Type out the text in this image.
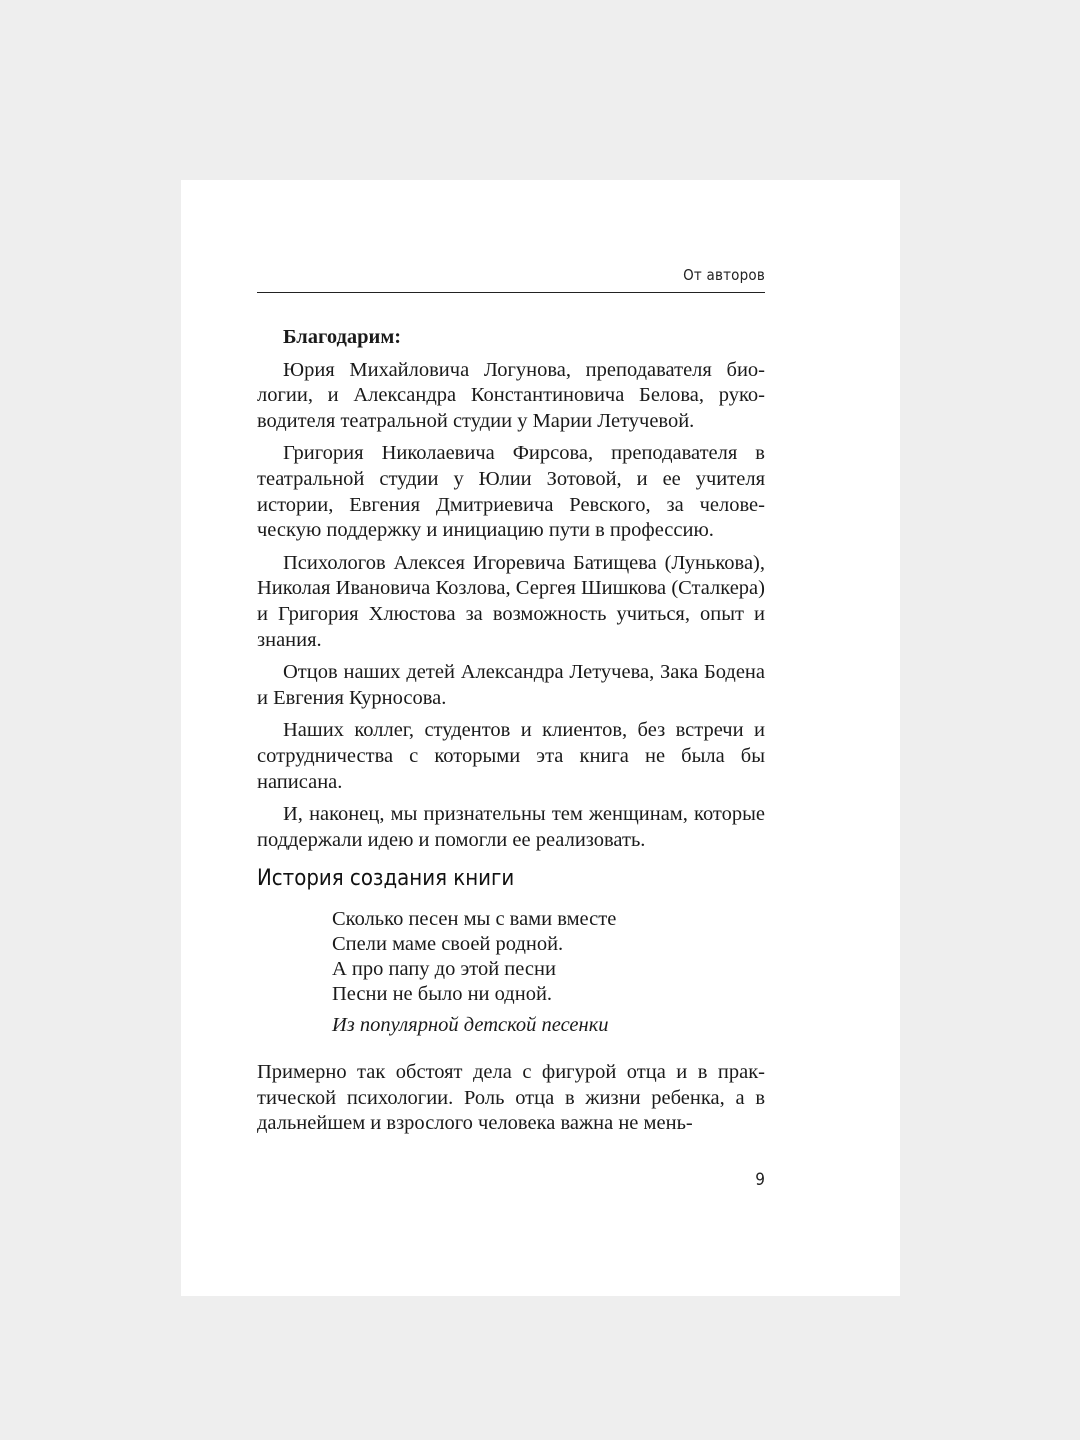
От авторов

Благодарим:

Юрия Михайловича Логунова, преподавателя биологии, и Александра Константиновича Белова, руководителя театральной студии у Марии Летучевой.

Григория Николаевича Фирсова, преподавателя в театральной студии у Юлии Зотовой, и ее учителя истории, Евгения Дмитриевича Ревского, за человеческую поддержку и инициацию пути в профессию.

Психологов Алексея Игоревича Батищева (Лунькова), Николая Ивановича Козлова, Сергея Шишкова (Сталкера) и Григория Хлюстова за возможность учиться, опыт и знания.

Отцов наших детей Александра Летучева, Зака Бодена и Евгения Курносова.

Наших коллег, студентов и клиентов, без встречи и сотрудничества с которыми эта книга не была бы написана.

И, наконец, мы признательны тем женщинам, которые поддержали идею и помогли ее реализовать.

История создания книги
Сколько песен мы с вами вместе
Спели маме своей родной.
А про папу до этой песни
Песни не было ни одной.
Из популярной детской песенки

Примерно так обстоят дела с фигурой отца и в практической психологии. Роль отца в жизни ребенка, а в дальнейшем и взрослого человека важна не мень-

9
